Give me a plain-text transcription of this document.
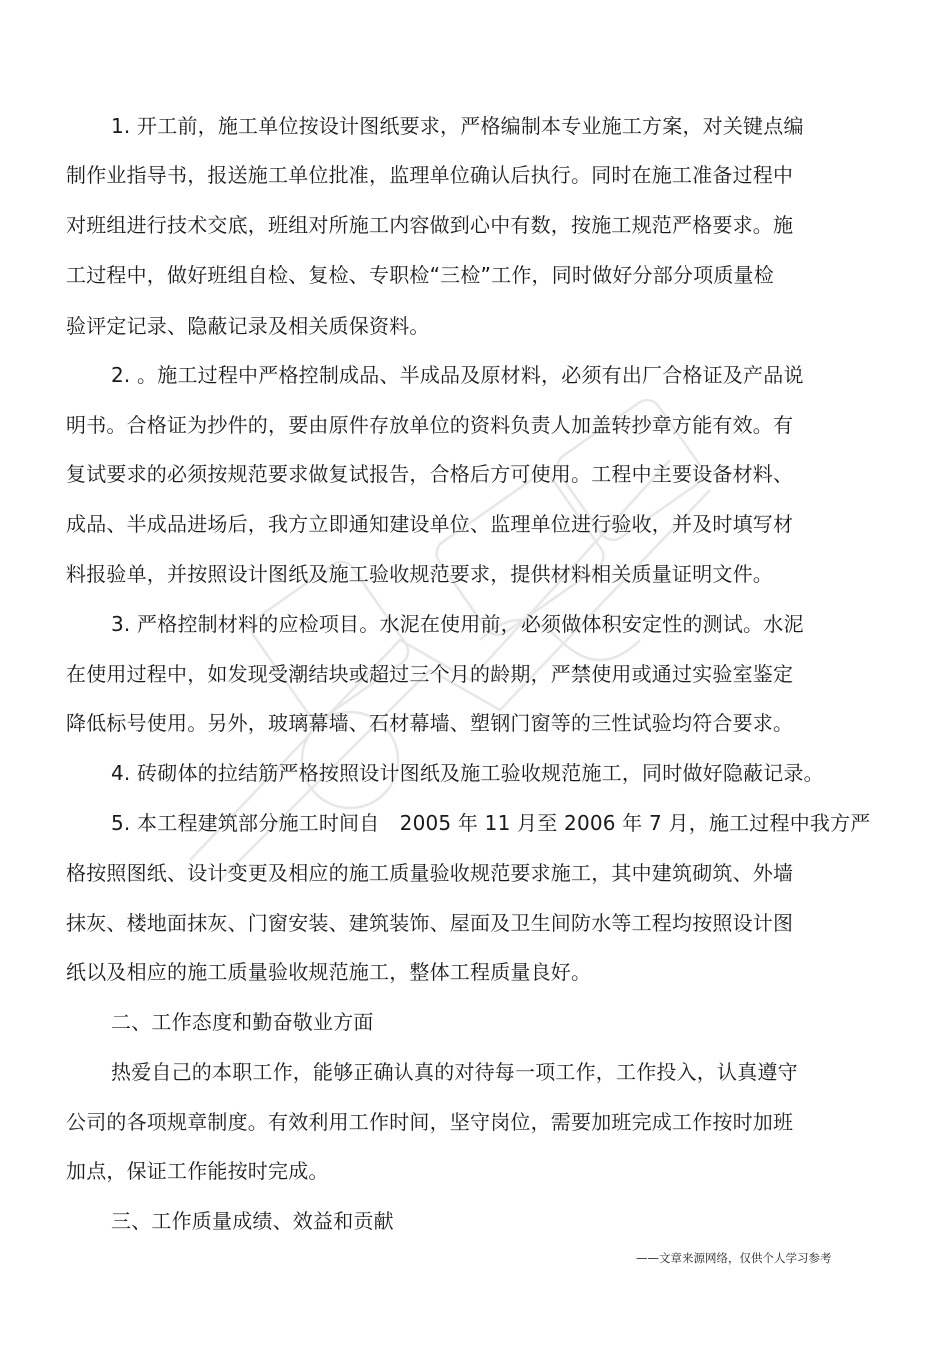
1. 开工前，施工单位按设计图纸要求，严格编制本专业施工方案，对关键点编
制作业指导书，报送施工单位批准，监理单位确认后执行。同时在施工准备过程中
对班组进行技术交底，班组对所施工内容做到心中有数，按施工规范严格要求。施
工过程中，做好班组自检、复检、专职检“三检”工作，同时做好分部分项质量检
验评定记录、隐蔽记录及相关质保资料。
2. 。施工过程中严格控制成品、半成品及原材料，必须有出厂合格证及产品说
明书。合格证为抄件的，要由原件存放单位的资料负责人加盖转抄章方能有效。有
复试要求的必须按规范要求做复试报告，合格后方可使用。工程中主要设备材料、
成品、半成品进场后，我方立即通知建设单位、监理单位进行验收，并及时填写材
料报验单，并按照设计图纸及施工验收规范要求，提供材料相关质量证明文件。
3. 严格控制材料的应检项目。水泥在使用前，必须做体积安定性的测试。水泥
在使用过程中，如发现受潮结块或超过三个月的龄期，严禁使用或通过实验室鉴定
降低标号使用。另外，玻璃幕墙、石材幕墙、塑钢门窗等的三性试验均符合要求。
4. 砖砌体的拉结筋严格按照设计图纸及施工验收规范施工，同时做好隐蔽记录。
5. 本工程建筑部分施工时间自　2005 年 11 月至 2006 年 7 月，施工过程中我方严
格按照图纸、设计变更及相应的施工质量验收规范要求施工，其中建筑砌筑、外墙
抹灰、楼地面抹灰、门窗安装、建筑装饰、屋面及卫生间防水等工程均按照设计图
纸以及相应的施工质量验收规范施工，整体工程质量良好。
二、工作态度和勤奋敬业方面
热爱自己的本职工作，能够正确认真的对待每一项工作，工作投入，认真遵守
公司的各项规章制度。有效利用工作时间，坚守岗位，需要加班完成工作按时加班
加点，保证工作能按时完成。
三、工作质量成绩、效益和贡献
——文章来源网络，仅供个人学习参考
